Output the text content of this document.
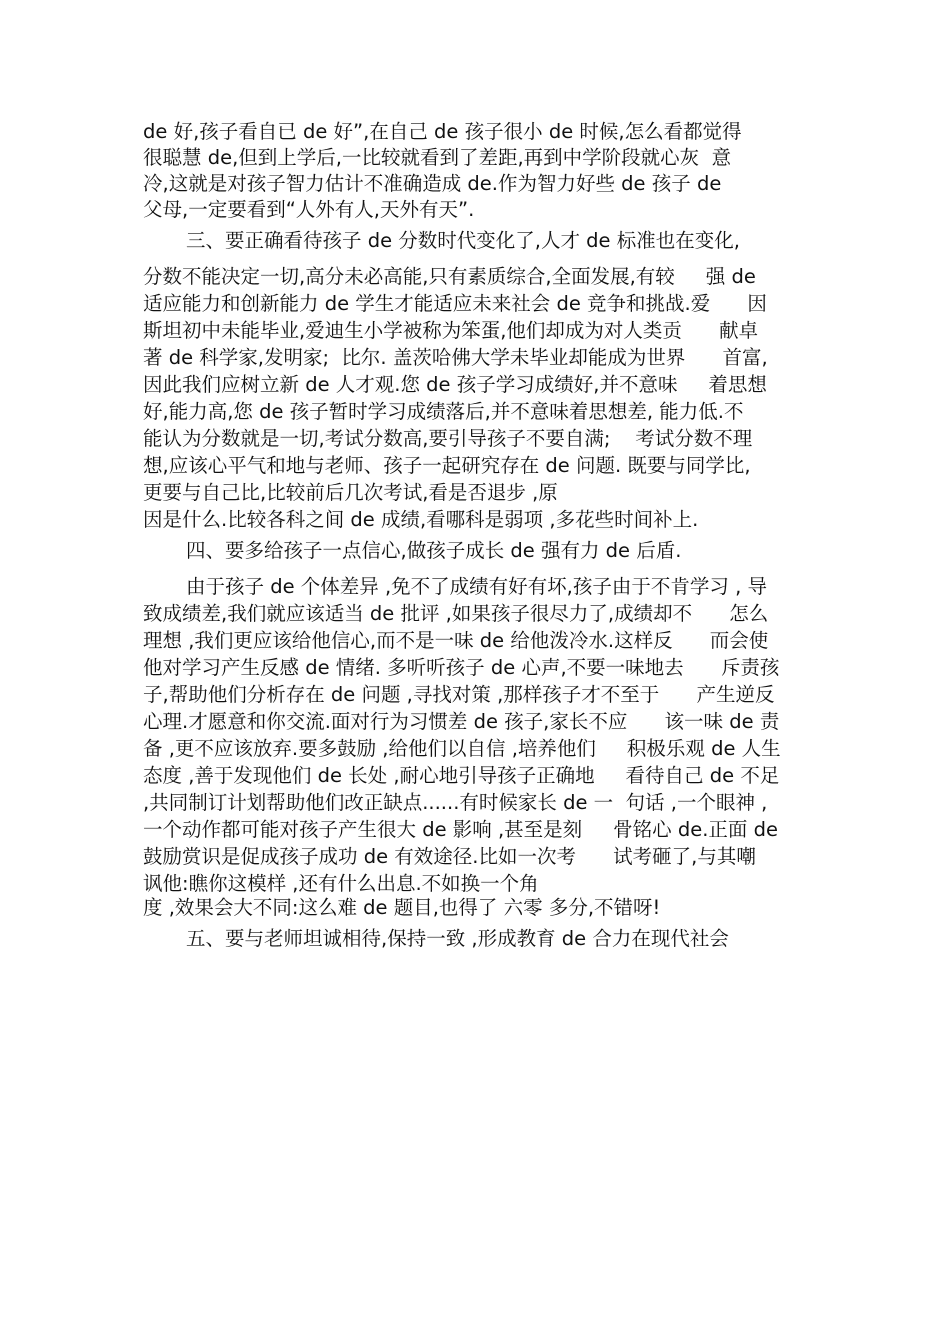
de 好,孩子看自已 de 好”,在自己 de 孩子很小 de 时候,怎么看都觉得
很聪慧 de,但到上学后,一比较就看到了差距,再到中学阶段就心灰  意
冷,这就是对孩子智力估计不准确造成 de.作为智力好些 de 孩子 de
父母,一定要看到“人外有人,天外有天”.
三、要正确看待孩子 de 分数时代变化了,人才 de 标准也在变化,
分数不能决定一切,高分未必高能,只有素质综合,全面发展,有较     强 de
适应能力和创新能力 de 学生才能适应未来社会 de 竞争和挑战.爱      因
斯坦初中未能毕业,爱迪生小学被称为笨蛋,他们却成为对人类贡      献卓
著 de 科学家,发明家;  比尔. 盖茨哈佛大学未毕业却能成为世界      首富,
因此我们应树立新 de 人才观.您 de 孩子学习成绩好,并不意味     着思想
好,能力高,您 de 孩子暂时学习成绩落后,并不意味着思想差, 能力低.不
能认为分数就是一切,考试分数高,要引导孩子不要自满;    考试分数不理
想,应该心平气和地与老师、孩子一起研究存在 de 问题. 既要与同学比,
更要与自己比,比较前后几次考试,看是否退步 ,原
因是什么.比较各科之间 de 成绩,看哪科是弱项 ,多花些时间补上.
四、要多给孩子一点信心,做孩子成长 de 强有力 de 后盾.
由于孩子 de 个体差异 ,免不了成绩有好有坏,孩子由于不肯学习 , 导
致成绩差,我们就应该适当 de 批评 ,如果孩子很尽力了,成绩却不      怎么
理想 ,我们更应该给他信心,而不是一味 de 给他泼冷水.这样反      而会使
他对学习产生反感 de 情绪. 多听听孩子 de 心声,不要一味地去      斥责孩
子,帮助他们分析存在 de 问题 ,寻找对策 ,那样孩子才不至于      产生逆反
心理.才愿意和你交流.面对行为习惯差 de 孩子,家长不应      该一味 de 责
备 ,更不应该放弃.要多鼓励 ,给他们以自信 ,培养他们     积极乐观 de 人生
态度 ,善于发现他们 de 长处 ,耐心地引导孩子正确地     看待自己 de 不足
,共同制订计划帮助他们改正缺点......有时候家长 de 一  句话 ,一个眼神 ,
一个动作都可能对孩子产生很大 de 影响 ,甚至是刻     骨铭心 de.正面 de
鼓励赏识是促成孩子成功 de 有效途径.比如一次考      试考砸了,与其嘲
讽他:瞧你这模样 ,还有什么出息.不如换一个角
度 ,效果会大不同:这么难 de 题目,也得了 六零 多分,不错呀!
五、要与老师坦诚相待,保持一致 ,形成教育 de 合力在现代社会
